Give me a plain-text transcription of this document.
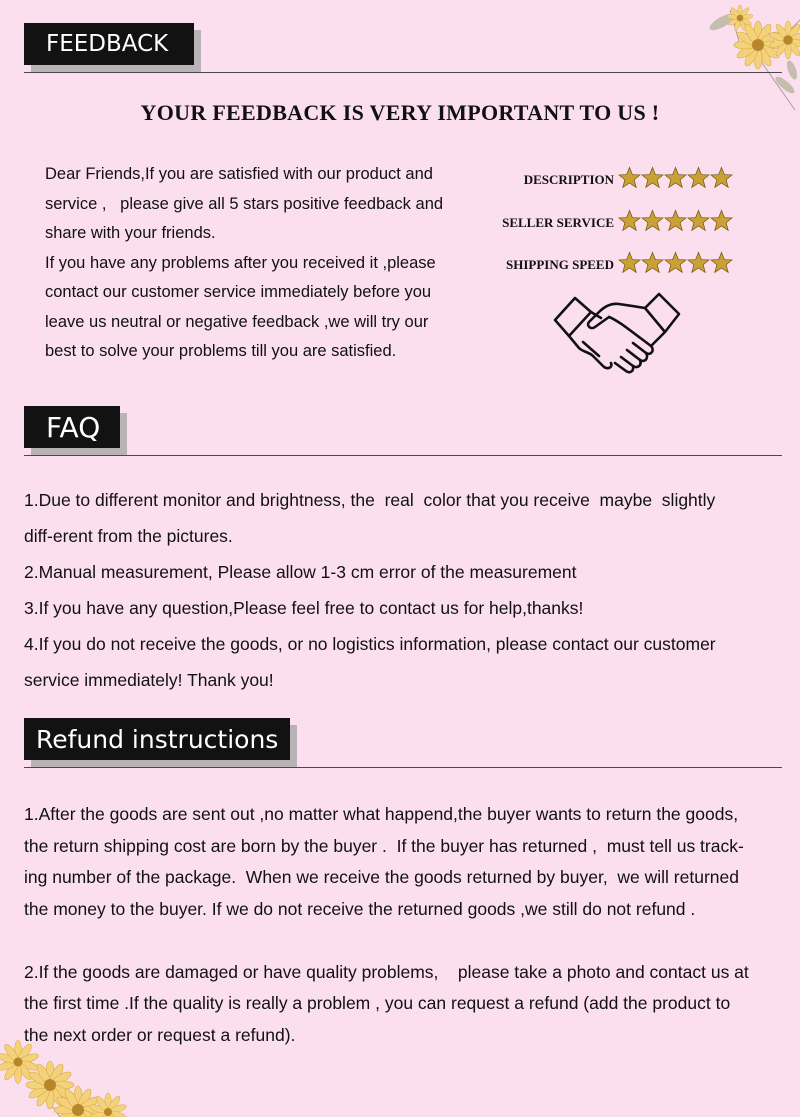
FEEDBACK
YOUR FEEDBACK IS VERY IMPORTANT TO US !

Dear Friends,If you are satisfied with our product and

service ,   please give all 5 stars positive feedback and

share with your friends.

If you have any problems after you received it ,please

contact our customer service immediately before you

leave us neutral or negative feedback ,we will try our

best to solve your problems till you are satisfied.

DESCRIPTION
SELLER SERVICE
SHIPPING SPEED
FAQ

1.Due to different monitor and brightness, the  real  color that you receive  maybe  slightly

diff-erent from the pictures.

2.Manual measurement, Please allow 1-3 cm error of the measurement

3.If you have any question,Please feel free to contact us for help,thanks!

4.If you do not receive the goods, or no logistics information, please contact our customer

service immediately! Thank you!

Refund instructions

1.After the goods are sent out ,no matter what happend,the buyer wants to return the goods,

the return shipping cost are born by the buyer .  If the buyer has returned ,  must tell us track-

ing number of the package.  When we receive the goods returned by buyer,  we will returned

the money to the buyer. If we do not receive the returned goods ,we still do not refund .

2.If the goods are damaged or have quality problems,    please take a photo and contact us at

the first time .If the quality is really a problem , you can request a refund (add the product to

the next order or request a refund).
